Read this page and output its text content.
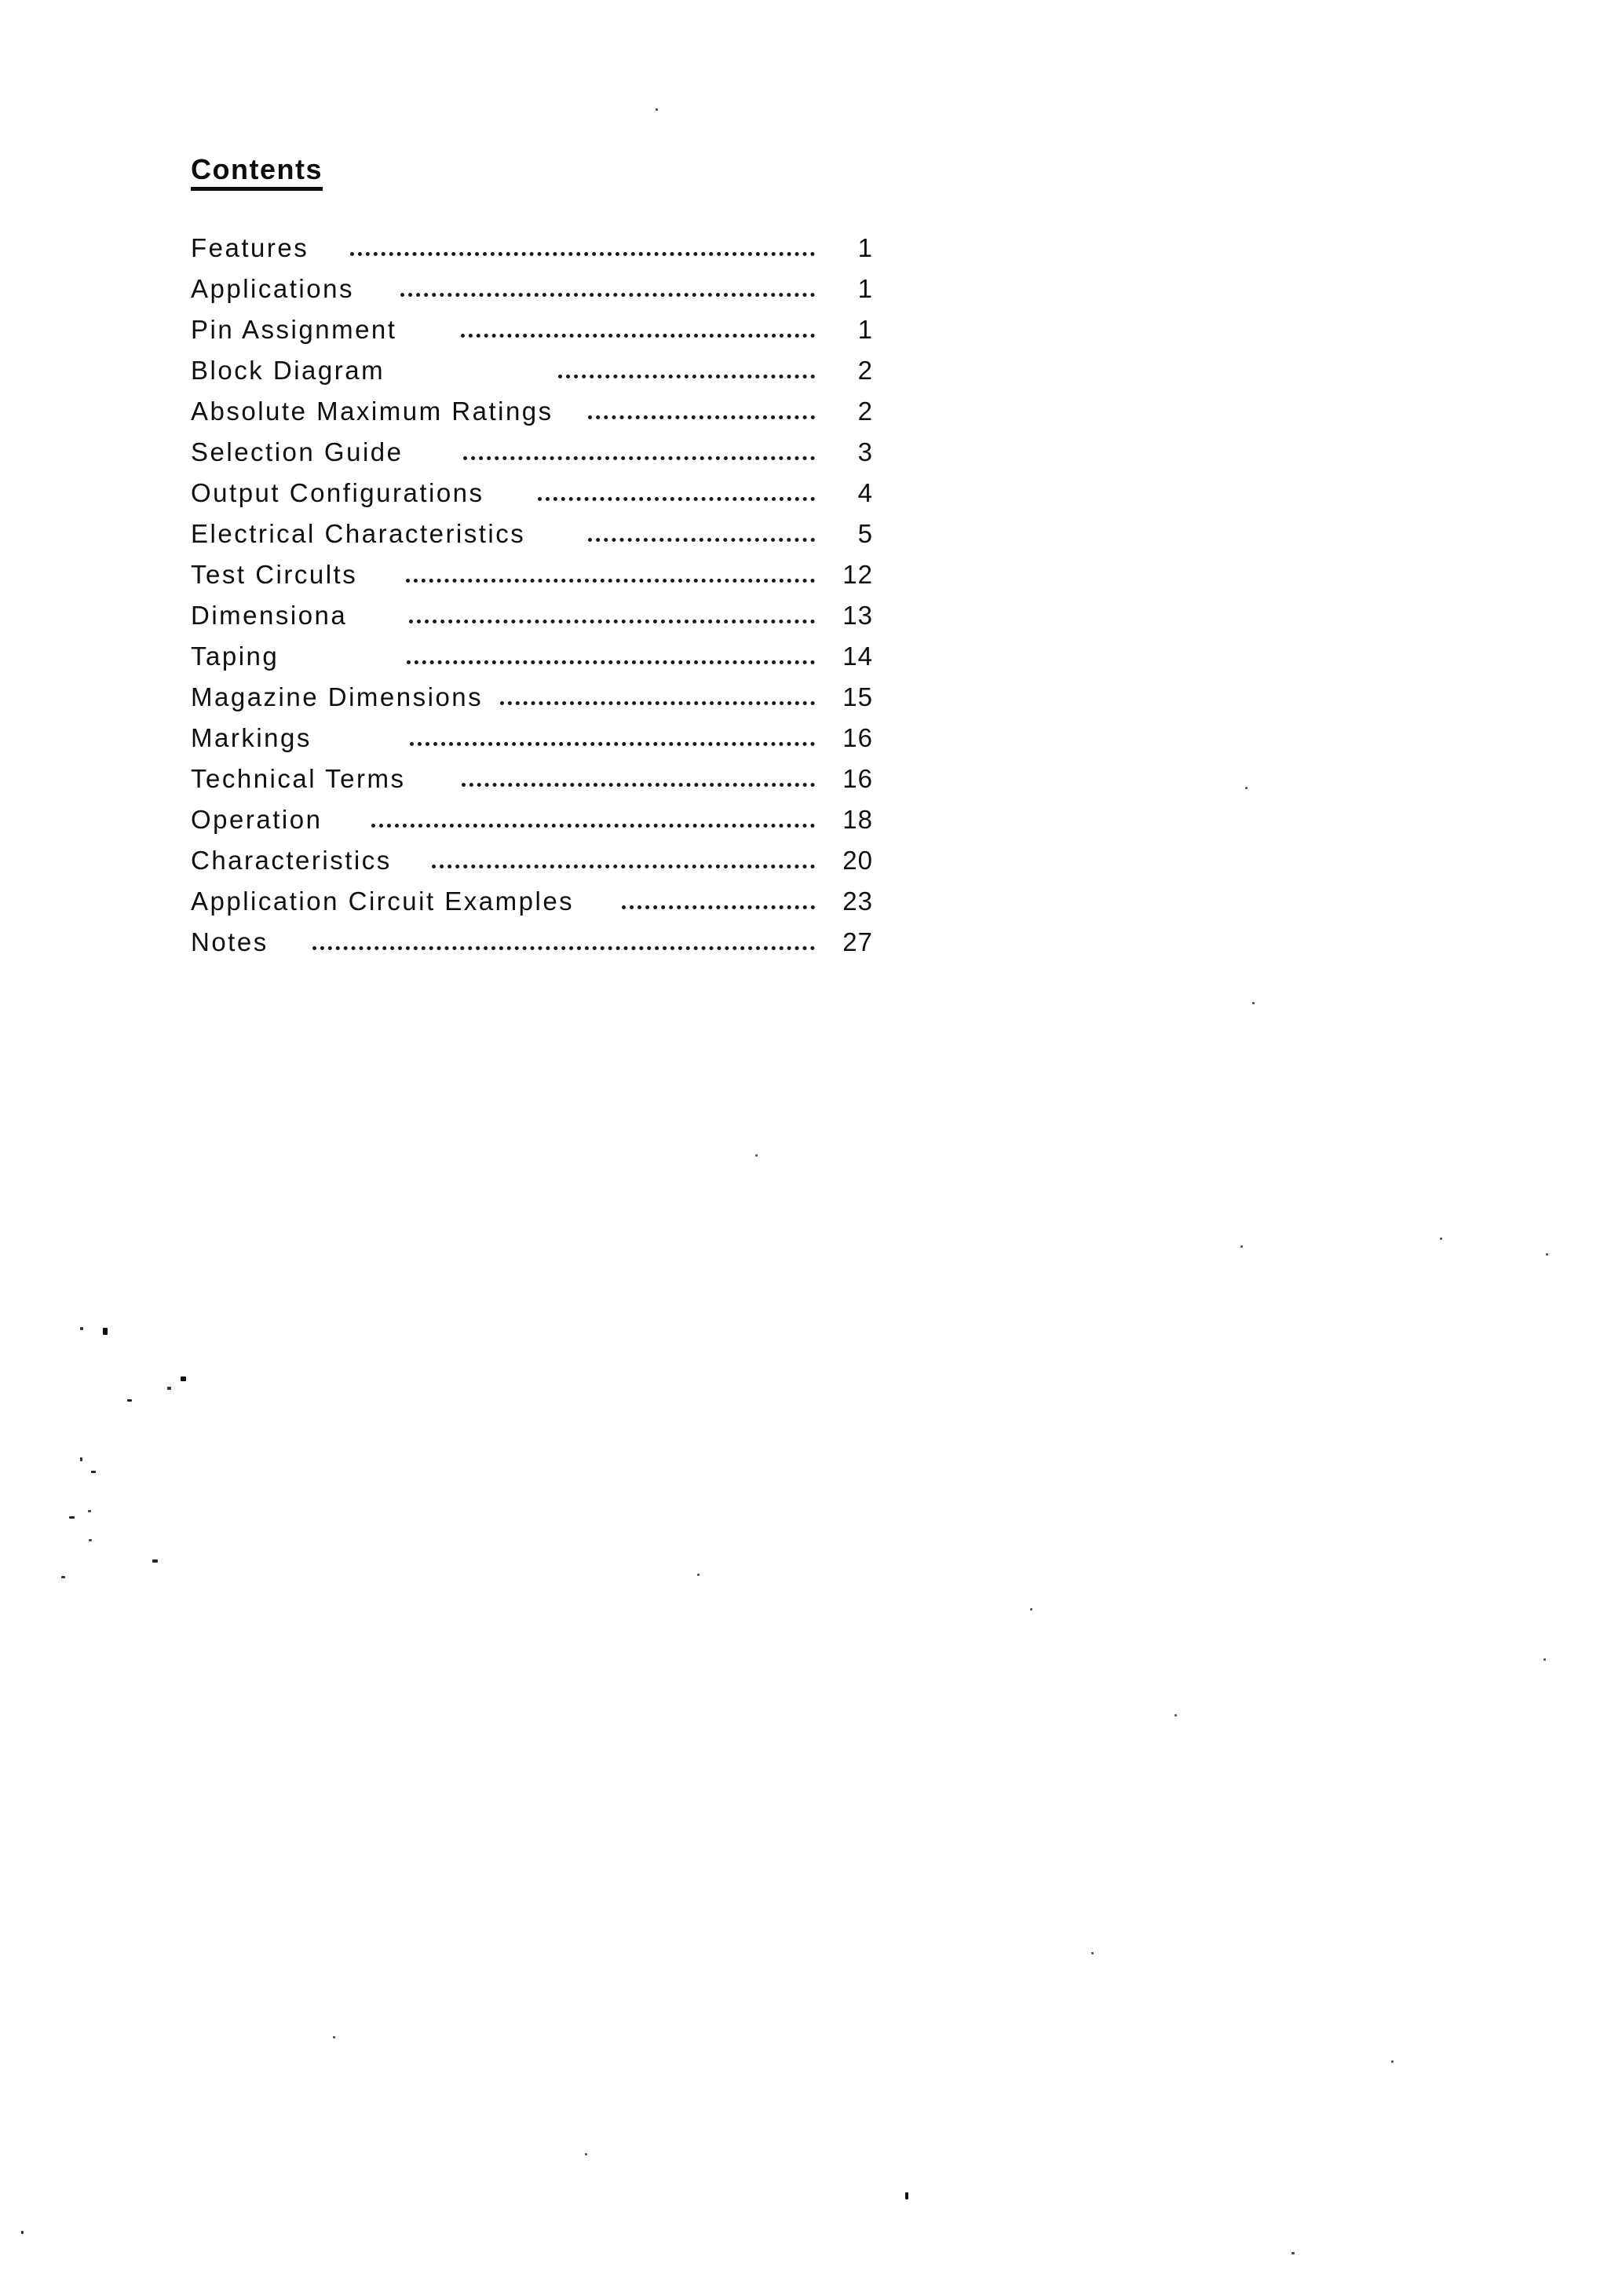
Contents
Features	1
Applications	1
Pin Assignment	1
Block Diagram	2
Absolute Maximum Ratings	2
Selection Guide	3
Output Configurations	4
Electrical Characteristics	5
Test Circults	12
Dimensiona	13
Taping	14
Magazine Dimensions	15
Markings	16
Technical Terms	16
Operation	18
Characteristics	20
Application Circuit Examples	23
Notes	27
